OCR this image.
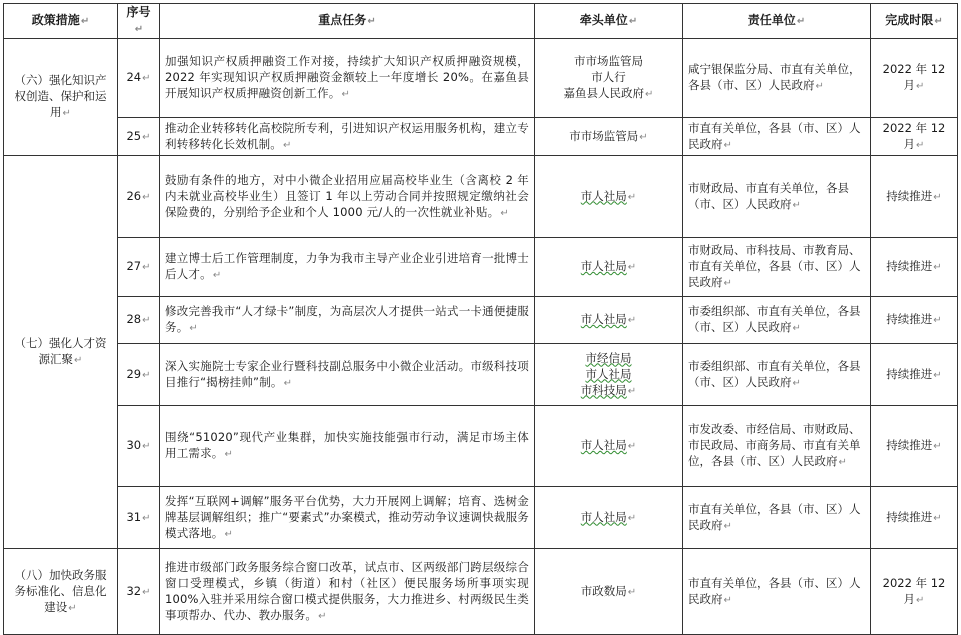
政策措施 ↵	序号 ↵	重点任务 ↵	牵头单位 ↵	责任单位 ↵	完成时限 ↵
（六）强化知识产权创造、保护和运用 ↵	24 ↵	加强知识产权质押融资工作对接，持续扩大知识产权质押融资规模，2022 年实现知识产权质押融资金额较上一年度增长 20%。在嘉鱼县开展知识产权质押融资创新工作。 ↵	市市场监管局
市人行
嘉鱼县人民政府 ↵	咸宁银保监分局、市直有关单位，各县（市、区）人民政府 ↵	2022 年 12 月 ↵
	25 ↵	推动企业转移转化高校院所专利，引进知识产权运用服务机构，建立专利转移转化长效机制。 ↵	市市场监管局 ↵	市直有关单位，各县（市、区）人民政府 ↵	2022 年 12 月 ↵
（七）强化人才资源汇聚 ↵	26 ↵	鼓励有条件的地方，对中小微企业招用应届高校毕业生（含离校 2 年内未就业高校毕业生）且签订 1 年以上劳动合同并按照规定缴纳社会保险费的，分别给予企业和个人 1000 元/人的一次性就业补贴。 ↵	市人社局 ↵	市财政局、市直有关单位，各县（市、区）人民政府 ↵	持续推进 ↵
	27 ↵	建立博士后工作管理制度，力争为我市主导产业企业引进培育一批博士后人才。 ↵	市人社局 ↵	市财政局、市科技局、市教育局、市直有关单位，各县（市、区）人民政府 ↵	持续推进 ↵
	28 ↵	修改完善我市“人才绿卡”制度，为高层次人才提供一站式一卡通便捷服务。 ↵	市人社局 ↵	市委组织部、市直有关单位，各县（市、区）人民政府 ↵	持续推进 ↵
	29 ↵	深入实施院士专家企业行暨科技副总服务中小微企业活动。市级科技项目推行“揭榜挂帅”制。 ↵	市经信局
市人社局
市科技局 ↵	市委组织部、市直有关单位，各县（市、区）人民政府 ↵	持续推进 ↵
	30 ↵	围绕“51020”现代产业集群，加快实施技能强市行动，满足市场主体用工需求。 ↵	市人社局 ↵	市发改委、市经信局、市财政局、市民政局、市商务局、市直有关单位，各县（市、区）人民政府 ↵	持续推进 ↵
	31 ↵	发挥“互联网+调解”服务平台优势，大力开展网上调解；培育、选树金牌基层调解组织；推广“要素式”办案模式，推动劳动争议速调快裁服务模式落地。 ↵	市人社局 ↵	市直有关单位，各县（市、区）人民政府 ↵	持续推进 ↵
（八）加快政务服务标准化、信息化建设 ↵	32 ↵	推进市级部门政务服务综合窗口改革，试点市、区两级部门跨层级综合窗口受理模式，乡镇（街道）和村（社区）便民服务场所事项实现 100%入驻并采用综合窗口模式提供服务，大力推进乡、村两级民生类事项帮办、代办、教办服务。 ↵	市政数局 ↵	市直有关单位，各县（市、区）人民政府 ↵	2022 年 12 月 ↵
